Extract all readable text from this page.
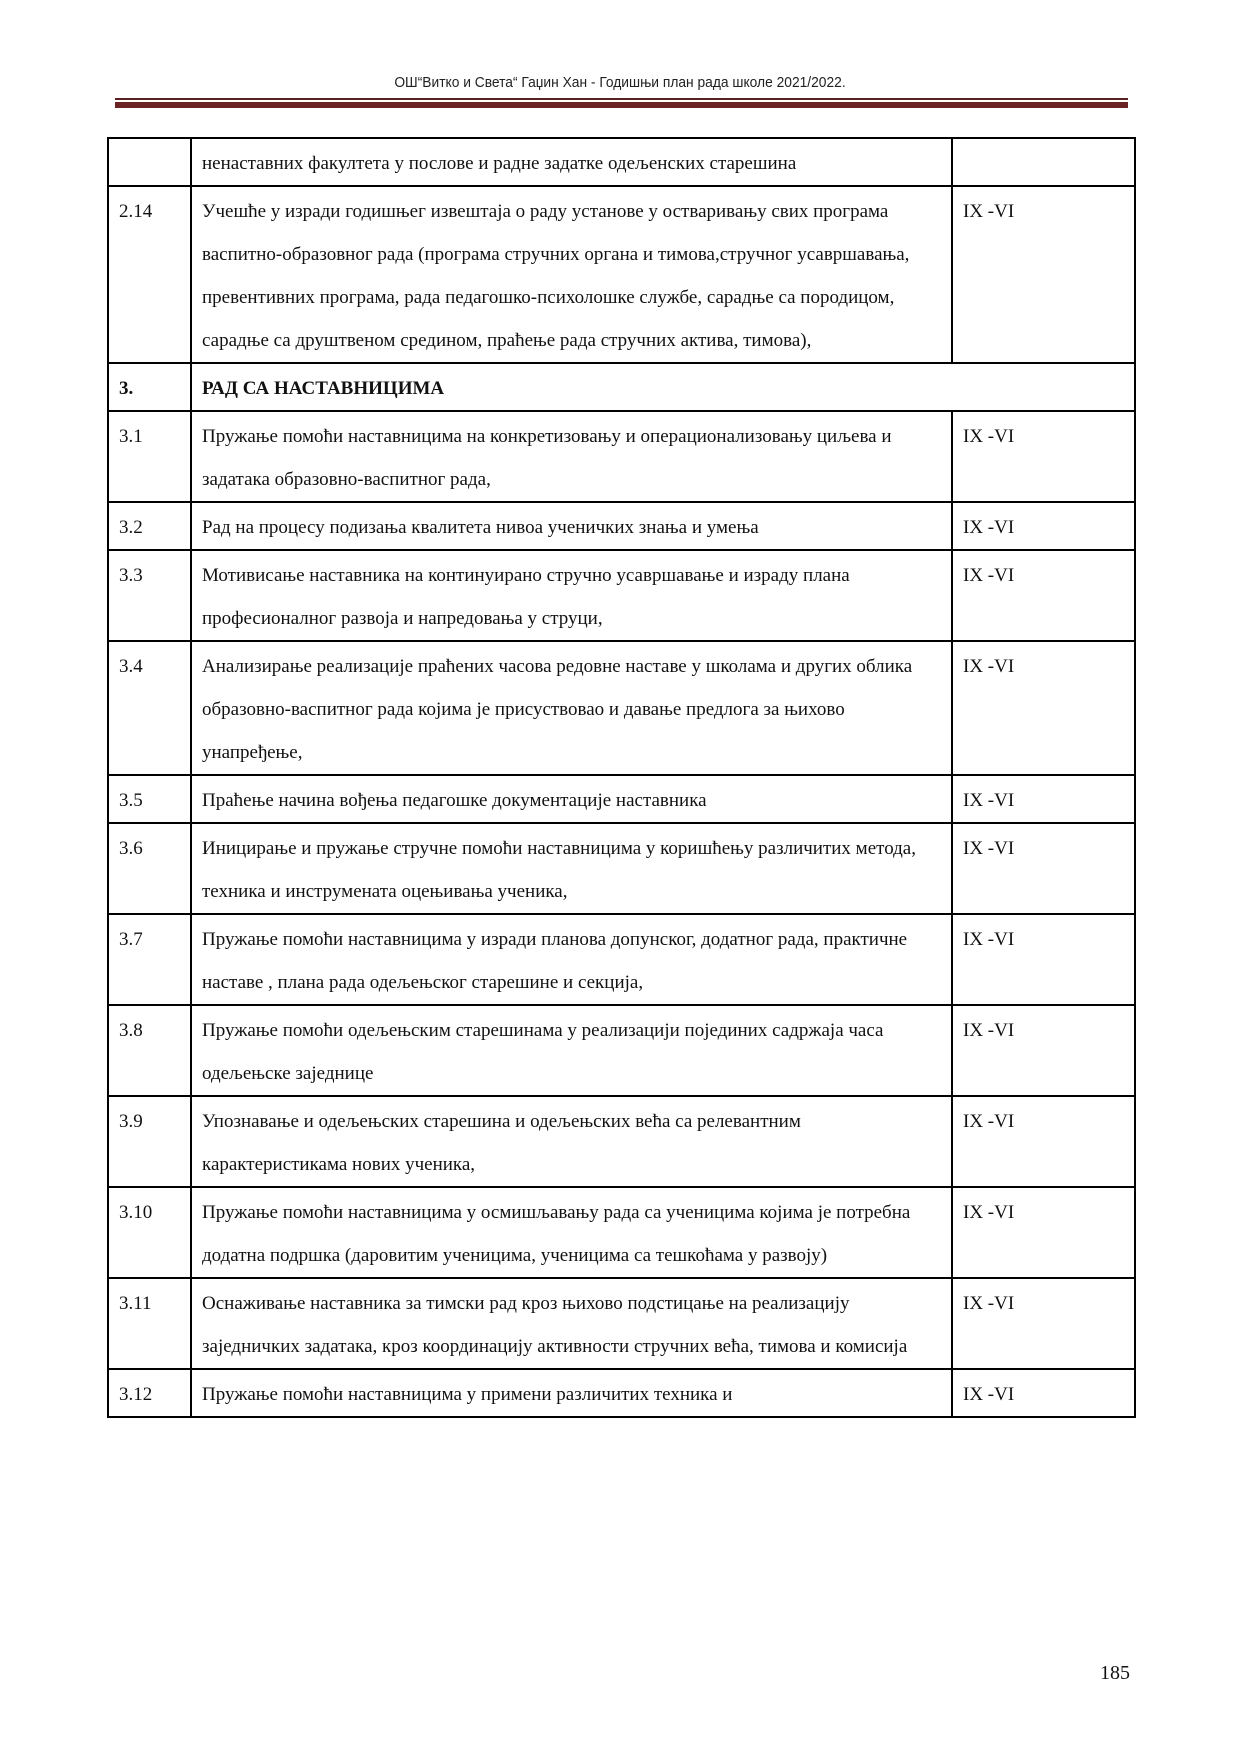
ОШ“Витко и Света“ Гаџин Хан - Годишњи план рада школе 2021/2022.
	ненаставних факултета у послове и радне задатке одељенских старешина	
2.14	Учешће у изради годишњег извештаја о раду установе у остваривању свих програма васпитно-образовног рада (програма стручних органа и тимова,стручног усавршавања, превентивних програма, рада педагошко-психолошке службе, сарадње са породицом, сарадње са друштвеном средином, праћење рада стручних актива, тимова),	IX -VI
3.	РАД СА НАСТАВНИЦИМА	
3.1	Пружање помоћи наставницима на конкретизовању и операционализовању циљева и задатака образовно-васпитног рада,	IX -VI
3.2	Рад на процесу подизања квалитета нивоа ученичких знања и умења	IX -VI
3.3	Мотивисање наставника на континуирано стручно усавршавање и израду плана професионалног развоја и напредовања у струци,	IX -VI
3.4	Анализирање реализације праћених часова редовне наставе у школама и других облика образовно-васпитног рада којима је присуствовао и давање предлога за њихово унапређење,	IX -VI
3.5	Праћење начина вођења педагошке документације наставника	IX -VI
3.6	Иницирање и пружање стручне помоћи наставницима у коришћењу различитих метода, техника и инструмената оцењивања ученика,	IX -VI
3.7	Пружање помоћи наставницима у изради планова допунског, додатног рада, практичне наставе , плана рада одељењског старешине и секција,	IX -VI
3.8	Пружање помоћи одељењским старешинама у реализацији појединих садржаја часа одељењске заједнице	IX -VI
3.9	Упознавање и одељењских старешина и одељењских већа са релевантним карактеристикама нових ученика,	IX -VI
3.10	Пружање помоћи наставницима у осмишљавању рада са ученицима којима је потребна додатна подршка (даровитим ученицима, ученицима са тешкоћама у развоју)	IX -VI
3.11	Оснаживање наставника за тимски рад кроз њихово подстицање на реализацију заједничких задатака, кроз координацију активности стручних већа, тимова и комисија	IX -VI
3.12	Пружање помоћи наставницима у примени различитих техника и	IX -VI
185
